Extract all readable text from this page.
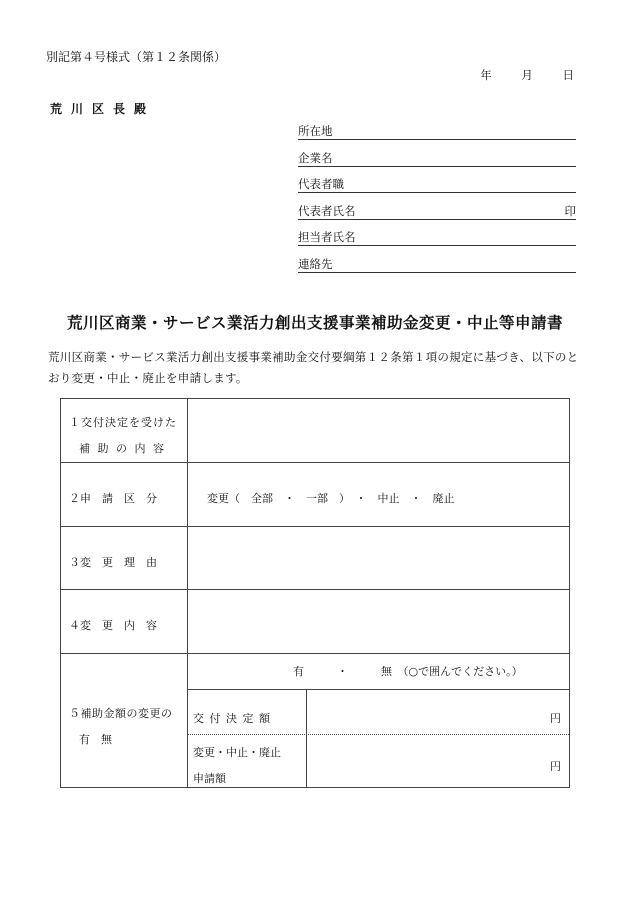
別記第４号様式（第１２条関係）
年	月	日
荒川区長殿
所在地
企業名
代表者職
代表者氏名	印
担当者氏名
連絡先
荒川区商業・サービス業活力創出支援事業補助金変更・中止等申請書
荒川区商業・サービス業活力創出支援事業補助金交付要綱第１２条第１項の規定に基づき、以下のとおり変更・中止・廃止を申請します。
１交付決定を受けた
補 助 の 内 容
２申　請　区　分	変更（　全部　・　一部　）　・　中止　・　廃止
３変　更　理　由
４変　更　内　容
５補助金額の変更の
有　無
有　　　・　　　無　（○で囲んでください。）
交 付 決 定 額	円
変更・中止・廃止
申請額
円
